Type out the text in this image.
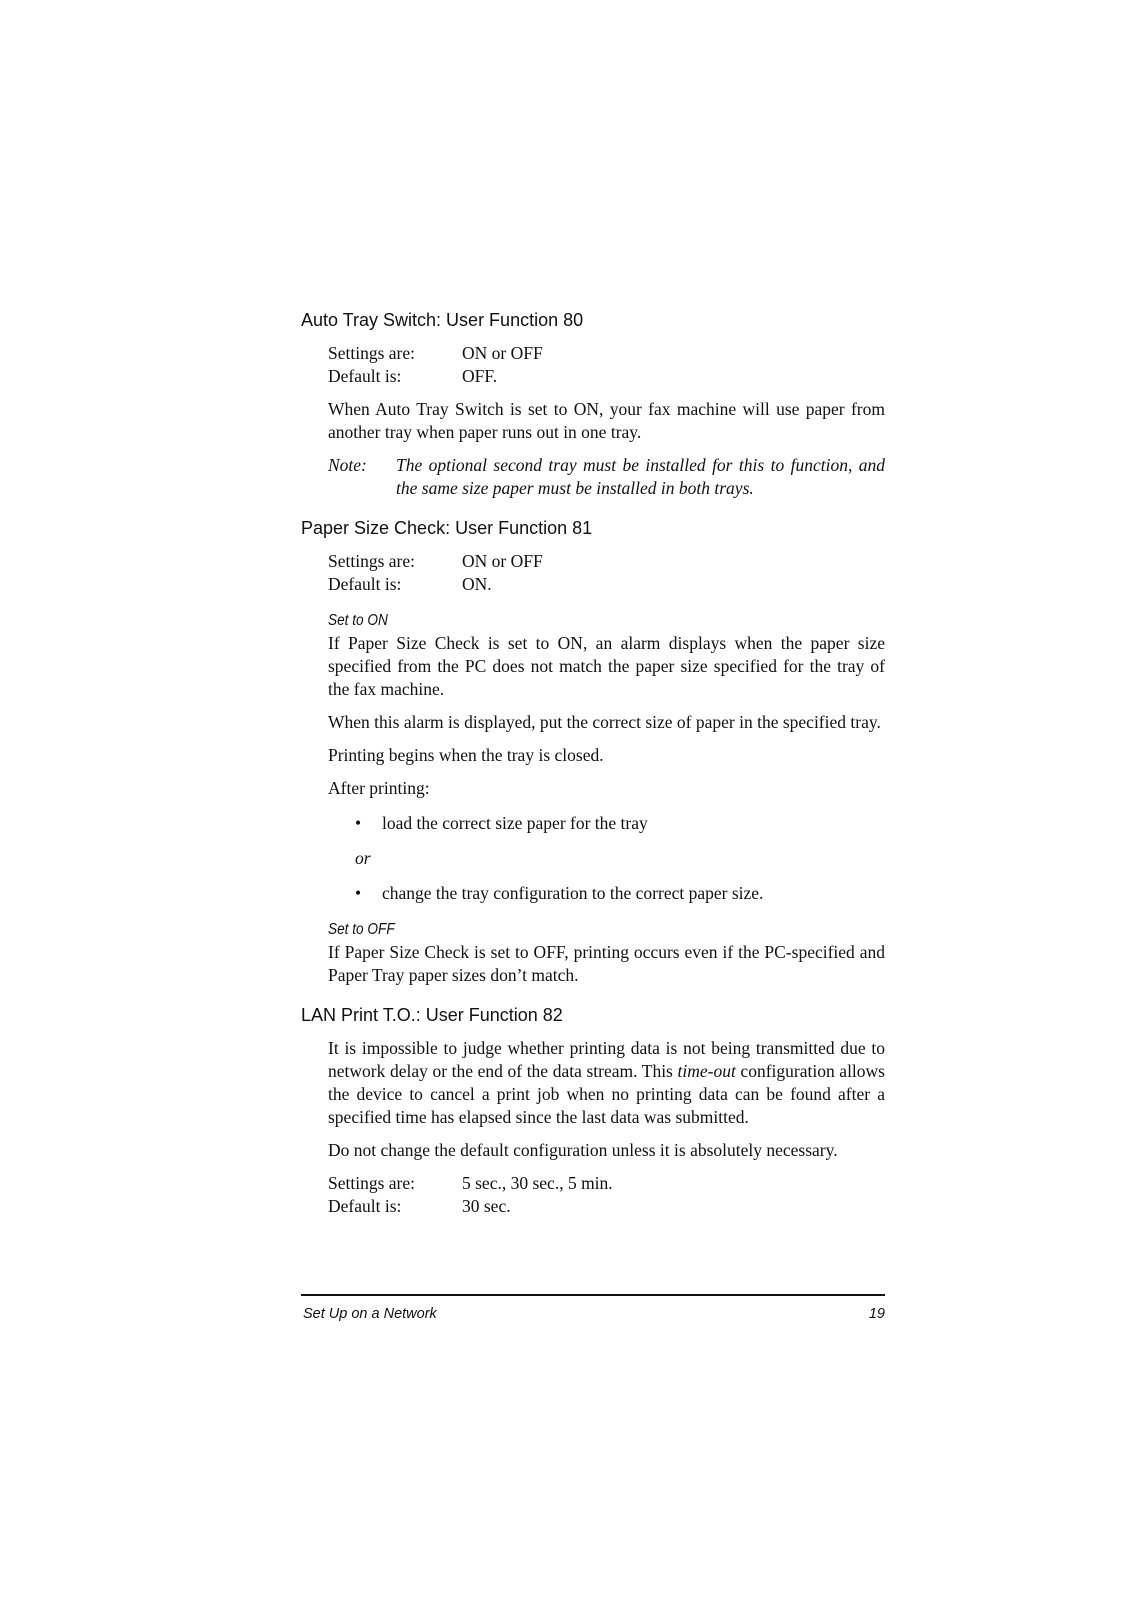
Auto Tray Switch: User Function 80
Settings are:	ON or OFF
Default is:	OFF.

When Auto Tray Switch is set to ON, your fax machine will use paper from another tray when paper runs out in one tray.

Note:	The optional second tray must be installed for this to function, and the same size paper must be installed in both trays.
Paper Size Check: User Function 81
Settings are:	ON or OFF
Default is:	ON.
Set to ON

If Paper Size Check is set to ON, an alarm displays when the paper size specified from the PC does not match the paper size specified for the tray of the fax machine.

When this alarm is displayed, put the correct size of paper in the specified tray.

Printing begins when the tray is closed.

After printing:

•	load the correct size paper for the tray
or
•	change the tray configuration to the correct paper size.
Set to OFF

If Paper Size Check is set to OFF, printing occurs even if the PC-specified and Paper Tray paper sizes don’t match.

LAN Print T.O.: User Function 82

It is impossible to judge whether printing data is not being transmitted due to network delay or the end of the data stream. This time-out configuration allows the device to cancel a print job when no printing data can be found after a specified time has elapsed since the last data was submitted.

Do not change the default configuration unless it is absolutely necessary.

Settings are:	5 sec., 30 sec., 5 min.
Default is:	30 sec.
Set Up on a Network	19
